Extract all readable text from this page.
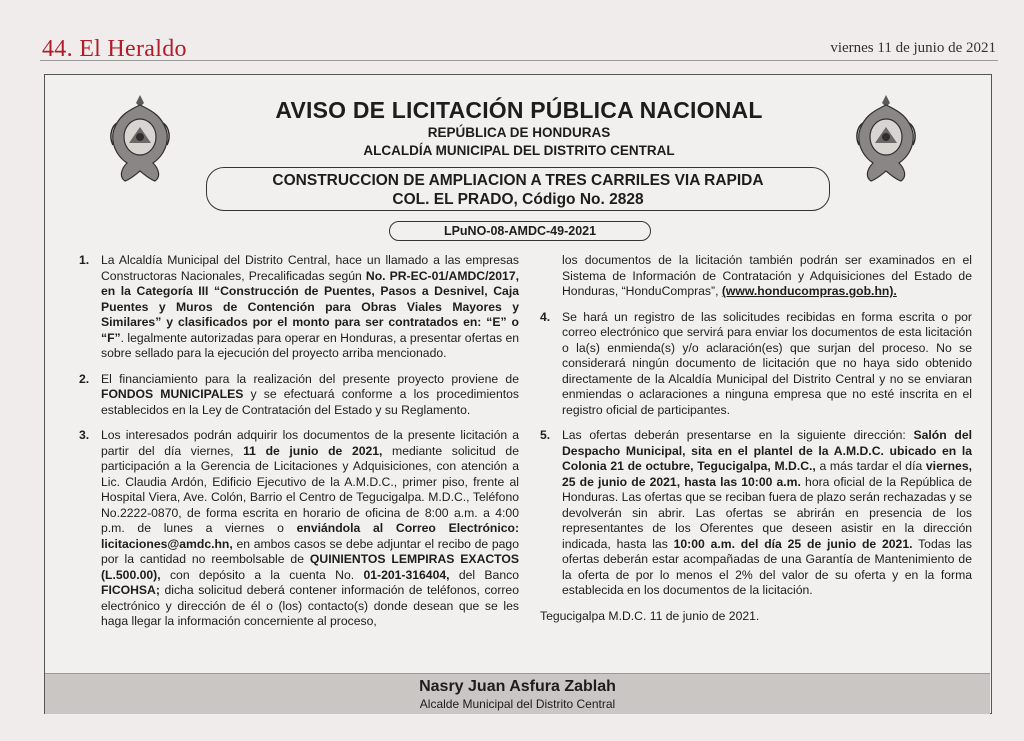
44. El Heraldo	viernes 11 de junio de 2021
AVISO DE LICITACIÓN PÚBLICA NACIONAL
REPÚBLICA DE HONDURAS
ALCALDÍA MUNICIPAL DEL DISTRITO CENTRAL
CONSTRUCCION DE AMPLIACION A TRES CARRILES VIA RAPIDA
COL. EL PRADO, Código No. 2828
LPuNO-08-AMDC-49-2021
1. La Alcaldía Municipal del Distrito Central, hace un llamado a las empresas Constructoras Nacionales, Precalificadas según No. PR-EC-01/AMDC/2017, en la Categoría III “Construcción de Puentes, Pasos a Desnivel, Caja Puentes y Muros de Contención para Obras Viales Mayores y Similares” y clasificados por el monto para ser contratados en: “E” o “F”. legalmente autorizadas para operar en Honduras, a presentar ofertas en sobre sellado para la ejecución del proyecto arriba mencionado.
2. El financiamiento para la realización del presente proyecto proviene de FONDOS MUNICIPALES y se efectuará conforme a los procedimientos establecidos en la Ley de Contratación del Estado y su Reglamento.
3. Los interesados podrán adquirir los documentos de la presente licitación a partir del día viernes, 11 de junio de 2021, mediante solicitud de participación a la Gerencia de Licitaciones y Adquisiciones, con atención a Lic. Claudia Ardón, Edificio Ejecutivo de la A.M.D.C., primer piso, frente al Hospital Viera, Ave. Colón, Barrio el Centro de Tegucigalpa. M.D.C., Teléfono No.2222-0870, de forma escrita en horario de oficina de 8:00 a.m. a 4:00 p.m. de lunes a viernes o enviándola al Correo Electrónico: licitaciones@amdc.hn, en ambos casos se debe adjuntar el recibo de pago por la cantidad no reembolsable de QUINIENTOS LEMPIRAS EXACTOS (L.500.00), con depósito a la cuenta No. 01-201-316404, del Banco FICOHSA; dicha solicitud deberá contener información de teléfonos, correo electrónico y dirección de él o (los) contacto(s) donde desean que se les haga llegar la información concerniente al proceso,
los documentos de la licitación también podrán ser examinados en el Sistema de Información de Contratación y Adquisiciones del Estado de Honduras, “HonduCompras”, (www.honducompras.gob.hn).
4. Se hará un registro de las solicitudes recibidas en forma escrita o por correo electrónico que servirá para enviar los documentos de esta licitación o la(s) enmienda(s) y/o aclaración(es) que surjan del proceso. No se considerará ningún documento de licitación que no haya sido obtenido directamente de la Alcaldía Municipal del Distrito Central y no se enviaran enmiendas o aclaraciones a ninguna empresa que no esté inscrita en el registro oficial de participantes.
5. Las ofertas deberán presentarse en la siguiente dirección: Salón del Despacho Municipal, sita en el plantel de la A.M.D.C. ubicado en la Colonia 21 de octubre, Tegucigalpa, M.D.C., a más tardar el día viernes, 25 de junio de 2021, hasta las 10:00 a.m. hora oficial de la República de Honduras. Las ofertas que se reciban fuera de plazo serán rechazadas y se devolverán sin abrir. Las ofertas se abrirán en presencia de los representantes de los Oferentes que deseen asistir en la dirección indicada, hasta las 10:00 a.m. del día 25 de junio de 2021. Todas las ofertas deberán estar acompañadas de una Garantía de Mantenimiento de la oferta de por lo menos el 2% del valor de su oferta y en la forma establecida en los documentos de la licitación.
Tegucigalpa M.D.C. 11 de junio de 2021.
Nasry Juan Asfura Zablah
Alcalde Municipal del Distrito Central
